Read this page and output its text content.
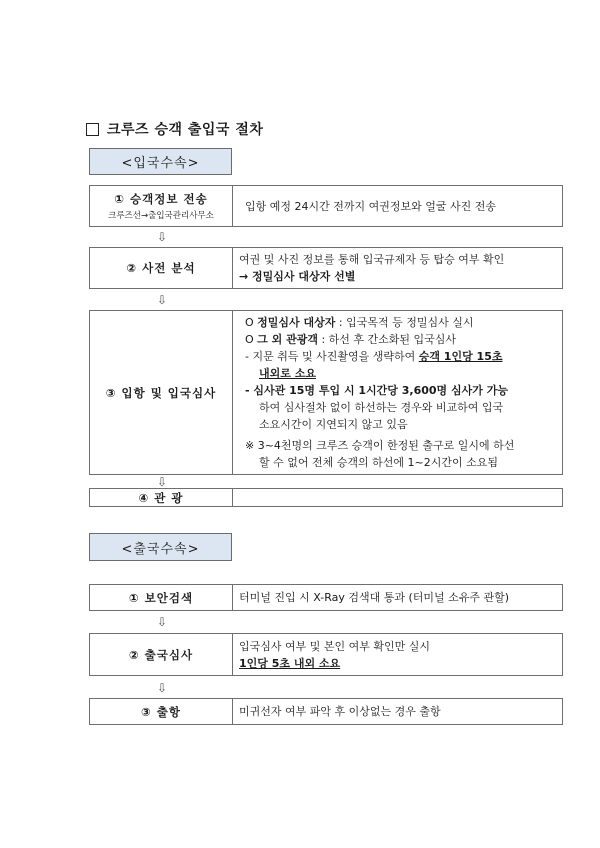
크루즈 승객 출입국 절차
<입국수속>
① 승객정보 전송
크루즈선→출입국관리사무소
입항 예정 24시간 전까지 여권정보와 얼굴 사진 전송
⇩
② 사전 분석
여권 및 사진 정보를 통해 입국규제자 등 탑승 여부 확인
→ 정밀심사 대상자 선별
⇩
③ 입항 및 입국심사
O 정밀심사 대상자 : 입국목적 등 정밀심사 실시
O 그 외 관광객 : 하선 후 간소화된 입국심사
- 지문 취득 및 사진촬영을 생략하여 승객 1인당 15초
내외로 소요
- 심사관 15명 투입 시 1시간당 3,600명 심사가 가능
하여 심사절차 없이 하선하는 경우와 비교하여 입국
소요시간이 지연되지 않고 있음
※ 3~4천명의 크루즈 승객이 한정된 출구로 일시에 하선
할 수 없어 전체 승객의 하선에 1~2시간이 소요됨
⇩
④ 관 광
<출국수속>
① 보안검색	터미널 진입 시 X-Ray 검색대 통과 (터미널 소유주 관할)
⇩
② 출국심사
입국심사 여부 및 본인 여부 확인만 실시
1인당 5초 내외 소요
⇩
③ 출항	미귀선자 여부 파악 후 이상없는 경우 출항
